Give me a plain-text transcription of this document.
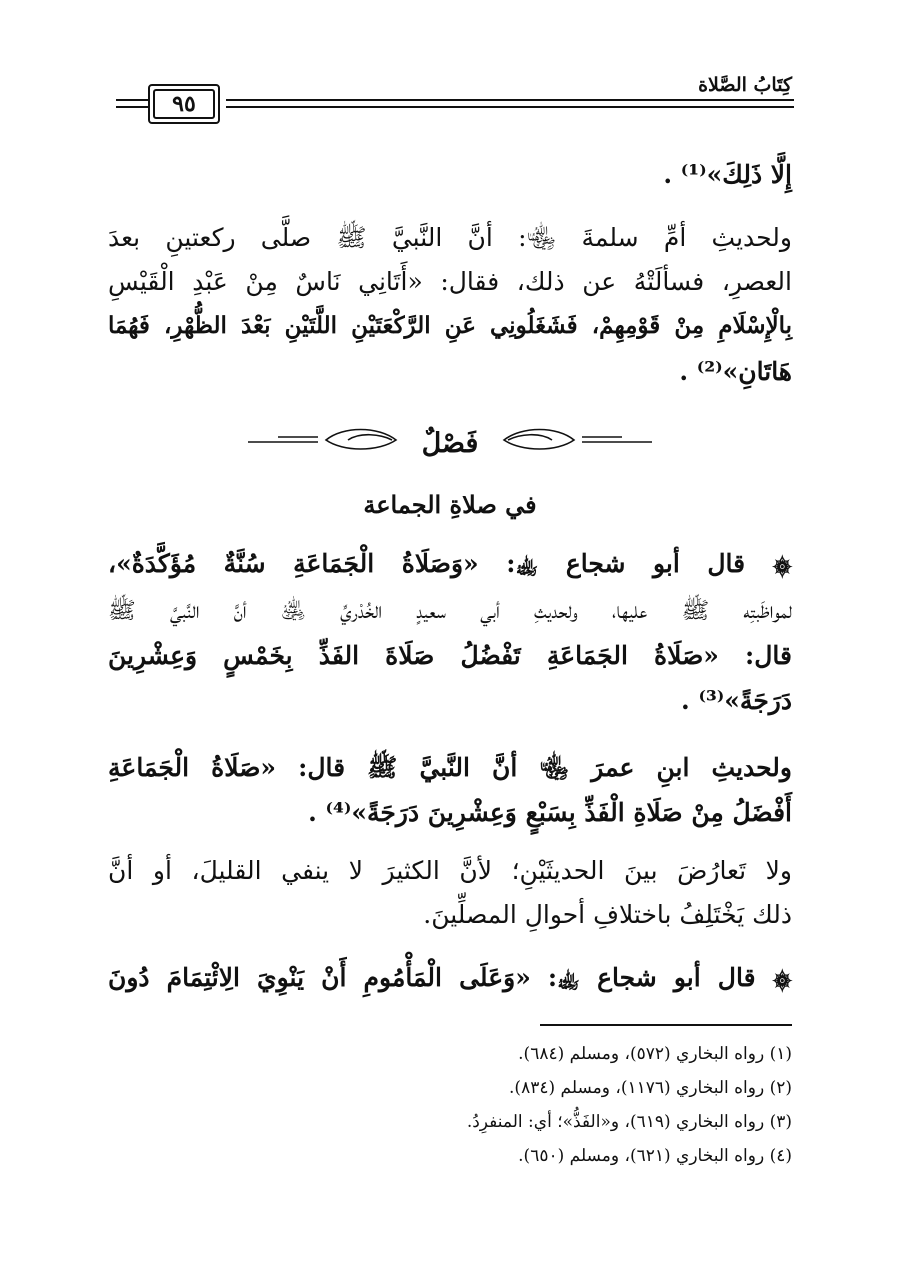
كِتَابُ الصَّلاة
٩٥
إِلَّا ذَلِكَ»⁽¹⁾ .
ولحديثِ أمِّ سلمةَ ﵄: أنَّ النَّبيَّ ﷺ صلَّى ركعتينِ بعدَ
العصرِ، فسألَتْهُ عن ذلك، فقال: «أَتَانِي نَاسٌ مِنْ عَبْدِ الْقَيْسِ
بِالْإِسْلَامِ مِنْ قَوْمِهِمْ، فَشَغَلُونِي عَنِ الرَّكْعَتَيْنِ اللَّتَيْنِ بَعْدَ الظُّهْرِ، فَهُمَا
هَاتَانِ»⁽²⁾ .
فَصْلٌ
في صلاةِ الجماعة
۞ قال أبو شجاع ﵀: «وَصَلَاةُ الْجَمَاعَةِ سُنَّةٌ مُؤَكَّدَةٌ»،
لمواظَبتِه ﷺ عليها، ولحديثِ أبي سعيدٍ الخُدْريِّ ﵁ أنَّ النَّبيَّ ﷺ
قال: «صَلَاةُ الجَمَاعَةِ تَفْضُلُ صَلَاةَ الفَذِّ بِخَمْسٍ وَعِشْرِينَ
دَرَجَةً»⁽³⁾ .
ولحديثِ ابنِ عمرَ ﵄ أنَّ النَّبيَّ ﷺ قال: «صَلَاةُ الْجَمَاعَةِ
أَفْضَلُ مِنْ صَلَاةِ الْفَذِّ بِسَبْعٍ وَعِشْرِينَ دَرَجَةً»⁽⁴⁾ .
ولا تَعارُضَ بينَ الحديثَيْنِ؛ لأنَّ الكثيرَ لا ينفي القليلَ، أو أنَّ
ذلك يَخْتَلِفُ باختلافِ أحوالِ المصلِّينَ.
۞ قال أبو شجاع ﵀: «وَعَلَى الْمَأْمُومِ أَنْ يَنْوِيَ الِائْتِمَامَ دُونَ
(١) رواه البخاري (٥٧٢)، ومسلم (٦٨٤).
(٢) رواه البخاري (١١٧٦)، ومسلم (٨٣٤).
(٣) رواه البخاري (٦١٩)، و«الفَذُّ»؛ أي: المنفرِدُ.
(٤) رواه البخاري (٦٢١)، ومسلم (٦٥٠).
